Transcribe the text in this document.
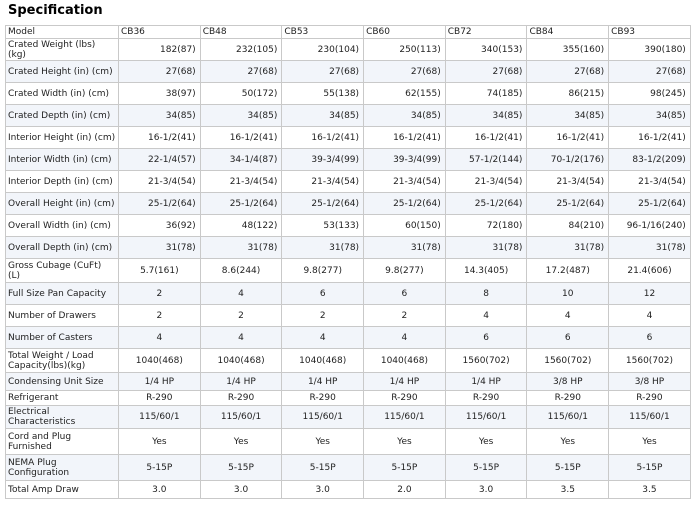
Specification
Model	CB36	CB48	CB53	CB60	CB72	CB84	CB93
Crated Weight (lbs) (kg)	182(87)	232(105)	230(104)	250(113)	340(153)	355(160)	390(180)
Crated Height (in) (cm)	27(68)	27(68)	27(68)	27(68)	27(68)	27(68)	27(68)
Crated Width (in) (cm)	38(97)	50(172)	55(138)	62(155)	74(185)	86(215)	98(245)
Crated Depth (in) (cm)	34(85)	34(85)	34(85)	34(85)	34(85)	34(85)	34(85)
Interior Height (in) (cm)	16-1/2(41)	16-1/2(41)	16-1/2(41)	16-1/2(41)	16-1/2(41)	16-1/2(41)	16-1/2(41)
Interior Width (in) (cm)	22-1/4(57)	34-1/4(87)	39-3/4(99)	39-3/4(99)	57-1/2(144)	70-1/2(176)	83-1/2(209)
Interior Depth (in) (cm)	21-3/4(54)	21-3/4(54)	21-3/4(54)	21-3/4(54)	21-3/4(54)	21-3/4(54)	21-3/4(54)
Overall Height (in) (cm)	25-1/2(64)	25-1/2(64)	25-1/2(64)	25-1/2(64)	25-1/2(64)	25-1/2(64)	25-1/2(64)
Overall Width (in) (cm)	36(92)	48(122)	53(133)	60(150)	72(180)	84(210)	96-1/16(240)
Overall Depth (in) (cm)	31(78)	31(78)	31(78)	31(78)	31(78)	31(78)	31(78)
Gross Cubage (CuFt) (L)	5.7(161)	8.6(244)	9.8(277)	9.8(277)	14.3(405)	17.2(487)	21.4(606)
Full Size Pan Capacity	2	4	6	6	8	10	12
Number of Drawers	2	2	2	2	4	4	4
Number of Casters	4	4	4	4	6	6	6
Total Weight / Load Capacity(lbs)(kg)	1040(468)	1040(468)	1040(468)	1040(468)	1560(702)	1560(702)	1560(702)
Condensing Unit Size	1/4 HP	1/4 HP	1/4 HP	1/4 HP	1/4 HP	3/8 HP	3/8 HP
Refrigerant	R-290	R-290	R-290	R-290	R-290	R-290	R-290
Electrical Characteristics	115/60/1	115/60/1	115/60/1	115/60/1	115/60/1	115/60/1	115/60/1
Cord and Plug Furnished	Yes	Yes	Yes	Yes	Yes	Yes	Yes
NEMA Plug Configuration	5-15P	5-15P	5-15P	5-15P	5-15P	5-15P	5-15P
Total Amp Draw	3.0	3.0	3.0	2.0	3.0	3.5	3.5
